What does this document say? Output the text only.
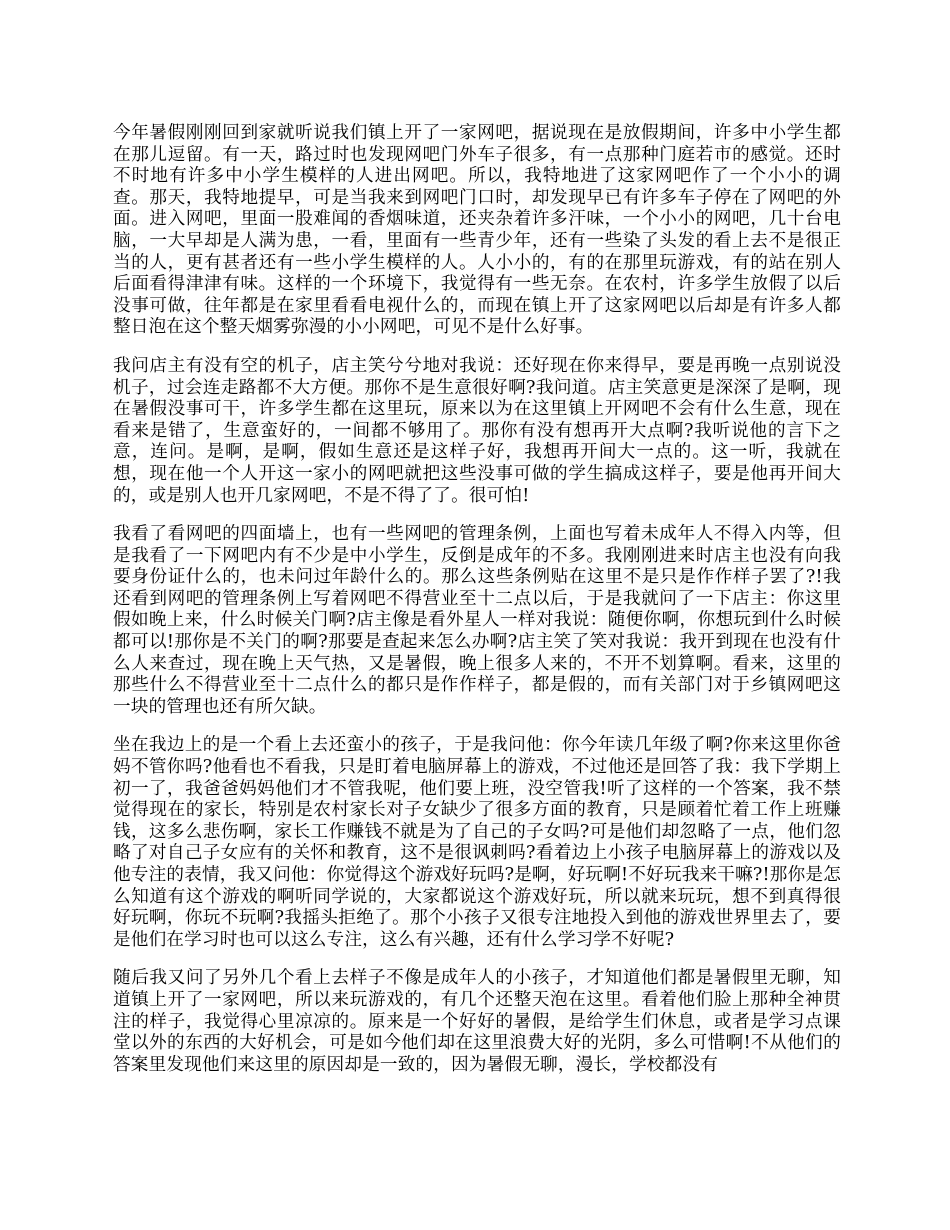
今年暑假刚刚回到家就听说我们镇上开了一家网吧，据说现在是放假期间，许多中小学生都在那儿逗留。有一天，路过时也发现网吧门外车子很多，有一点那种门庭若市的感觉。还时不时地有许多中小学生模样的人进出网吧。所以，我特地进了这家网吧作了一个小小的调查。那天，我特地提早，可是当我来到网吧门口时，却发现早已有许多车子停在了网吧的外面。进入网吧，里面一股难闻的香烟味道，还夹杂着许多汗味，一个小小的网吧，几十台电脑，一大早却是人满为患，一看，里面有一些青少年，还有一些染了头发的看上去不是很正当的人，更有甚者还有一些小学生模样的人。人小小的，有的在那里玩游戏，有的站在别人后面看得津津有味。这样的一个环境下，我觉得有一些无奈。在农村，许多学生放假了以后没事可做，往年都是在家里看看电视什么的，而现在镇上开了这家网吧以后却是有许多人都整日泡在这个整天烟雾弥漫的小小网吧，可见不是什么好事。

我问店主有没有空的机子，店主笑兮兮地对我说：还好现在你来得早，要是再晚一点别说没机子，过会连走路都不大方便。那你不是生意很好啊?我问道。店主笑意更是深深了是啊，现在暑假没事可干，许多学生都在这里玩，原来以为在这里镇上开网吧不会有什么生意，现在看来是错了，生意蛮好的，一间都不够用了。那你有没有想再开大点啊?我听说他的言下之意，连问。是啊，是啊，假如生意还是这样子好，我想再开间大一点的。这一听，我就在想，现在他一个人开这一家小的网吧就把这些没事可做的学生搞成这样子，要是他再开间大的，或是别人也开几家网吧，不是不得了了。很可怕!

我看了看网吧的四面墙上，也有一些网吧的管理条例，上面也写着未成年人不得入内等，但是我看了一下网吧内有不少是中小学生，反倒是成年的不多。我刚刚进来时店主也没有向我要身份证什么的，也未问过年龄什么的。那么这些条例贴在这里不是只是作作样子罢了?!我还看到网吧的管理条例上写着网吧不得营业至十二点以后，于是我就问了一下店主：你这里假如晚上来，什么时候关门啊?店主像是看外星人一样对我说：随便你啊，你想玩到什么时候都可以!那你是不关门的啊?那要是查起来怎么办啊?店主笑了笑对我说：我开到现在也没有什么人来查过，现在晚上天气热，又是暑假，晚上很多人来的，不开不划算啊。看来，这里的那些什么不得营业至十二点什么的都只是作作样子，都是假的，而有关部门对于乡镇网吧这一块的管理也还有所欠缺。

坐在我边上的是一个看上去还蛮小的孩子，于是我问他：你今年读几年级了啊?你来这里你爸妈不管你吗?他看也不看我，只是盯着电脑屏幕上的游戏，不过他还是回答了我：我下学期上初一了，我爸爸妈妈他们才不管我呢，他们要上班，没空管我!听了这样的一个答案，我不禁觉得现在的家长，特别是农村家长对子女缺少了很多方面的教育，只是顾着忙着工作上班赚钱，这多么悲伤啊，家长工作赚钱不就是为了自己的子女吗?可是他们却忽略了一点，他们忽略了对自己子女应有的关怀和教育，这不是很讽刺吗?看着边上小孩子电脑屏幕上的游戏以及他专注的表情，我又问他：你觉得这个游戏好玩吗?是啊，好玩啊!不好玩我来干嘛?!那你是怎么知道有这个游戏的啊听同学说的，大家都说这个游戏好玩，所以就来玩玩，想不到真得很好玩啊，你玩不玩啊?我摇头拒绝了。那个小孩子又很专注地投入到他的游戏世界里去了，要是他们在学习时也可以这么专注，这么有兴趣，还有什么学习学不好呢?

随后我又问了另外几个看上去样子不像是成年人的小孩子，才知道他们都是暑假里无聊，知道镇上开了一家网吧，所以来玩游戏的，有几个还整天泡在这里。看着他们脸上那种全神贯注的样子，我觉得心里凉凉的。原来是一个好好的暑假，是给学生们休息，或者是学习点课堂以外的东西的大好机会，可是如今他们却在这里浪费大好的光阴，多么可惜啊!不从他们的答案里发现他们来这里的原因却是一致的，因为暑假无聊，漫长，学校都没有
